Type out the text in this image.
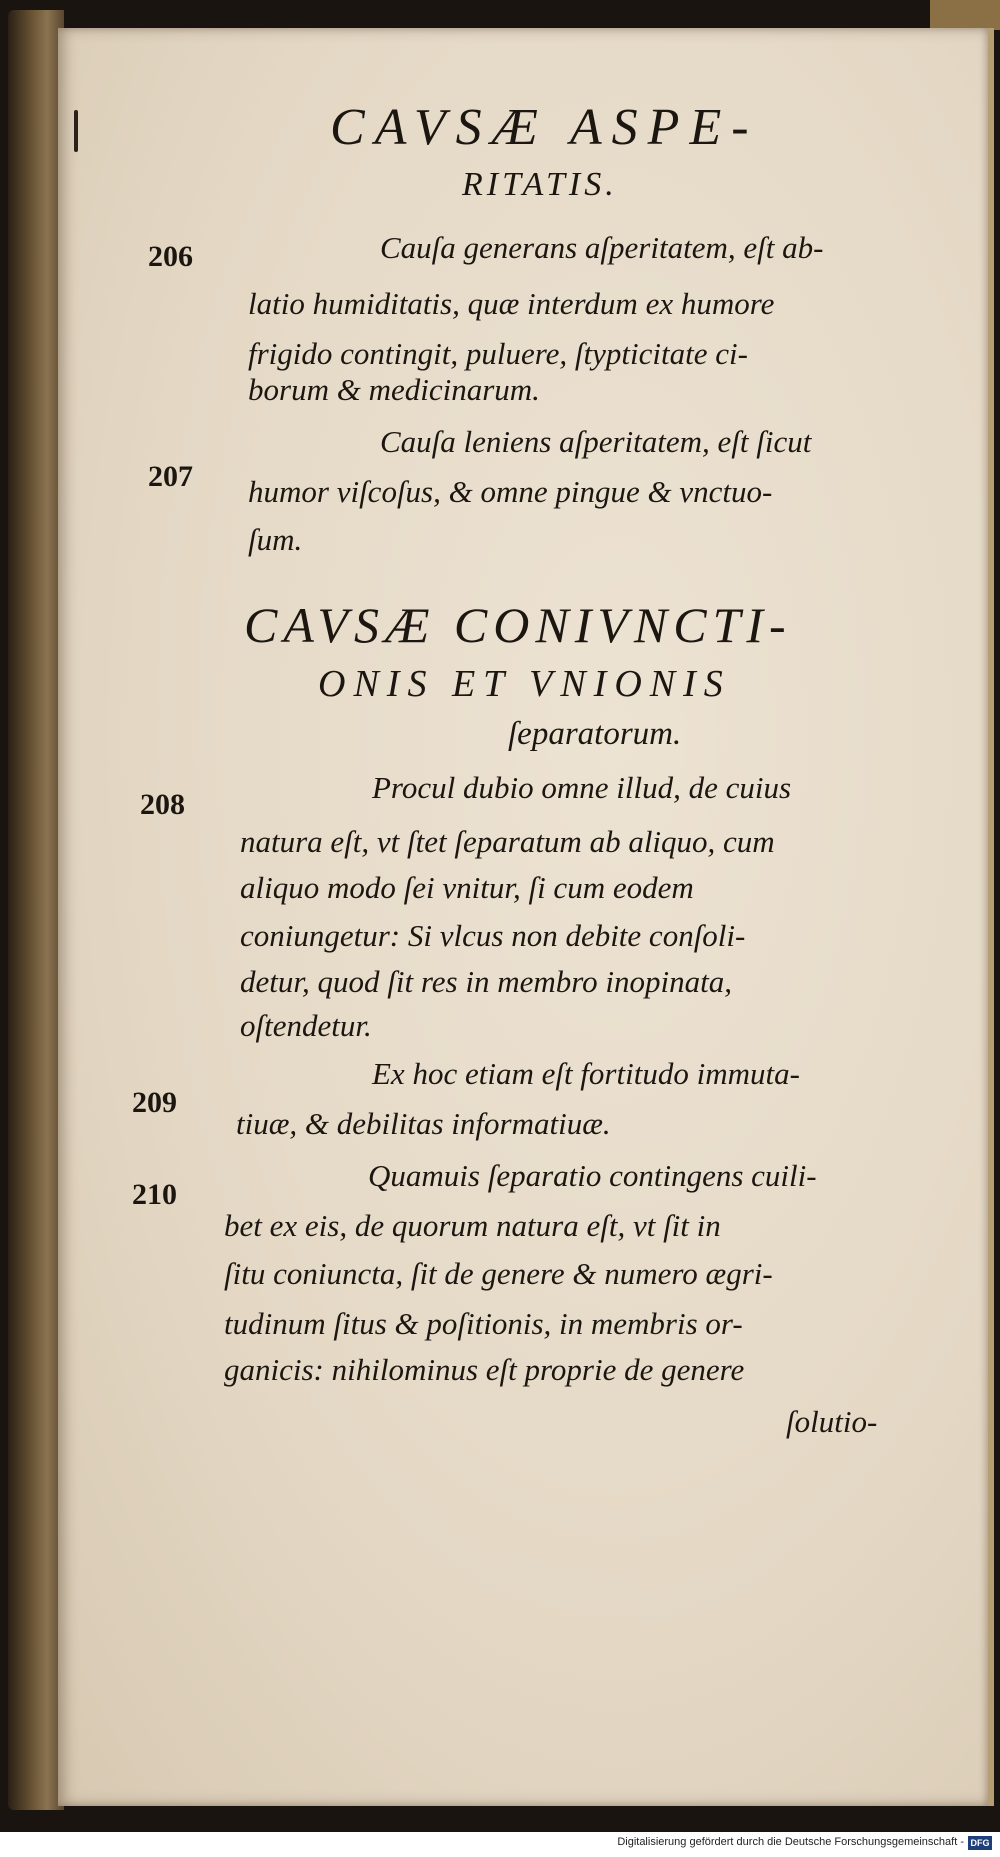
CAVSÆ ASPE-
RITATIS.
206	Cauſa generans aſperitatem, eſt ab-
latio humiditatis, quæ interdum ex humore
frigido contingit, puluere, ſtypticitate ci-
borum & medicinarum.
207
Cauſa leniens aſperitatem, eſt ſicut
humor viſcoſus, & omne pingue & vnctuo-
ſum.
CAVSÆ CONIVNCTI-
ONIS ET VNIONIS
ſeparatorum.
208	Procul dubio omne illud, de cuius
natura eſt, vt ſtet ſeparatum ab aliquo, cum
aliquo modo ſei vnitur, ſi cum eodem
coniungetur: Si vlcus non debite conſoli-
detur, quod ſit res in membro inopinata,
oſtendetur.
209
Ex hoc etiam eſt fortitudo immuta-
tiuæ, & debilitas informatiuæ.
210
Quamuis ſeparatio contingens cuili-
bet ex eis, de quorum natura eſt, vt ſit in
ſitu coniuncta, ſit de genere & numero ægri-
tudinum ſitus & poſitionis, in membris or-
ganicis: nihilominus eſt proprie de genere
ſolutio-
Digitalisierung gefördert durch die Deutsche Forschungsgemeinschaft - DFG
